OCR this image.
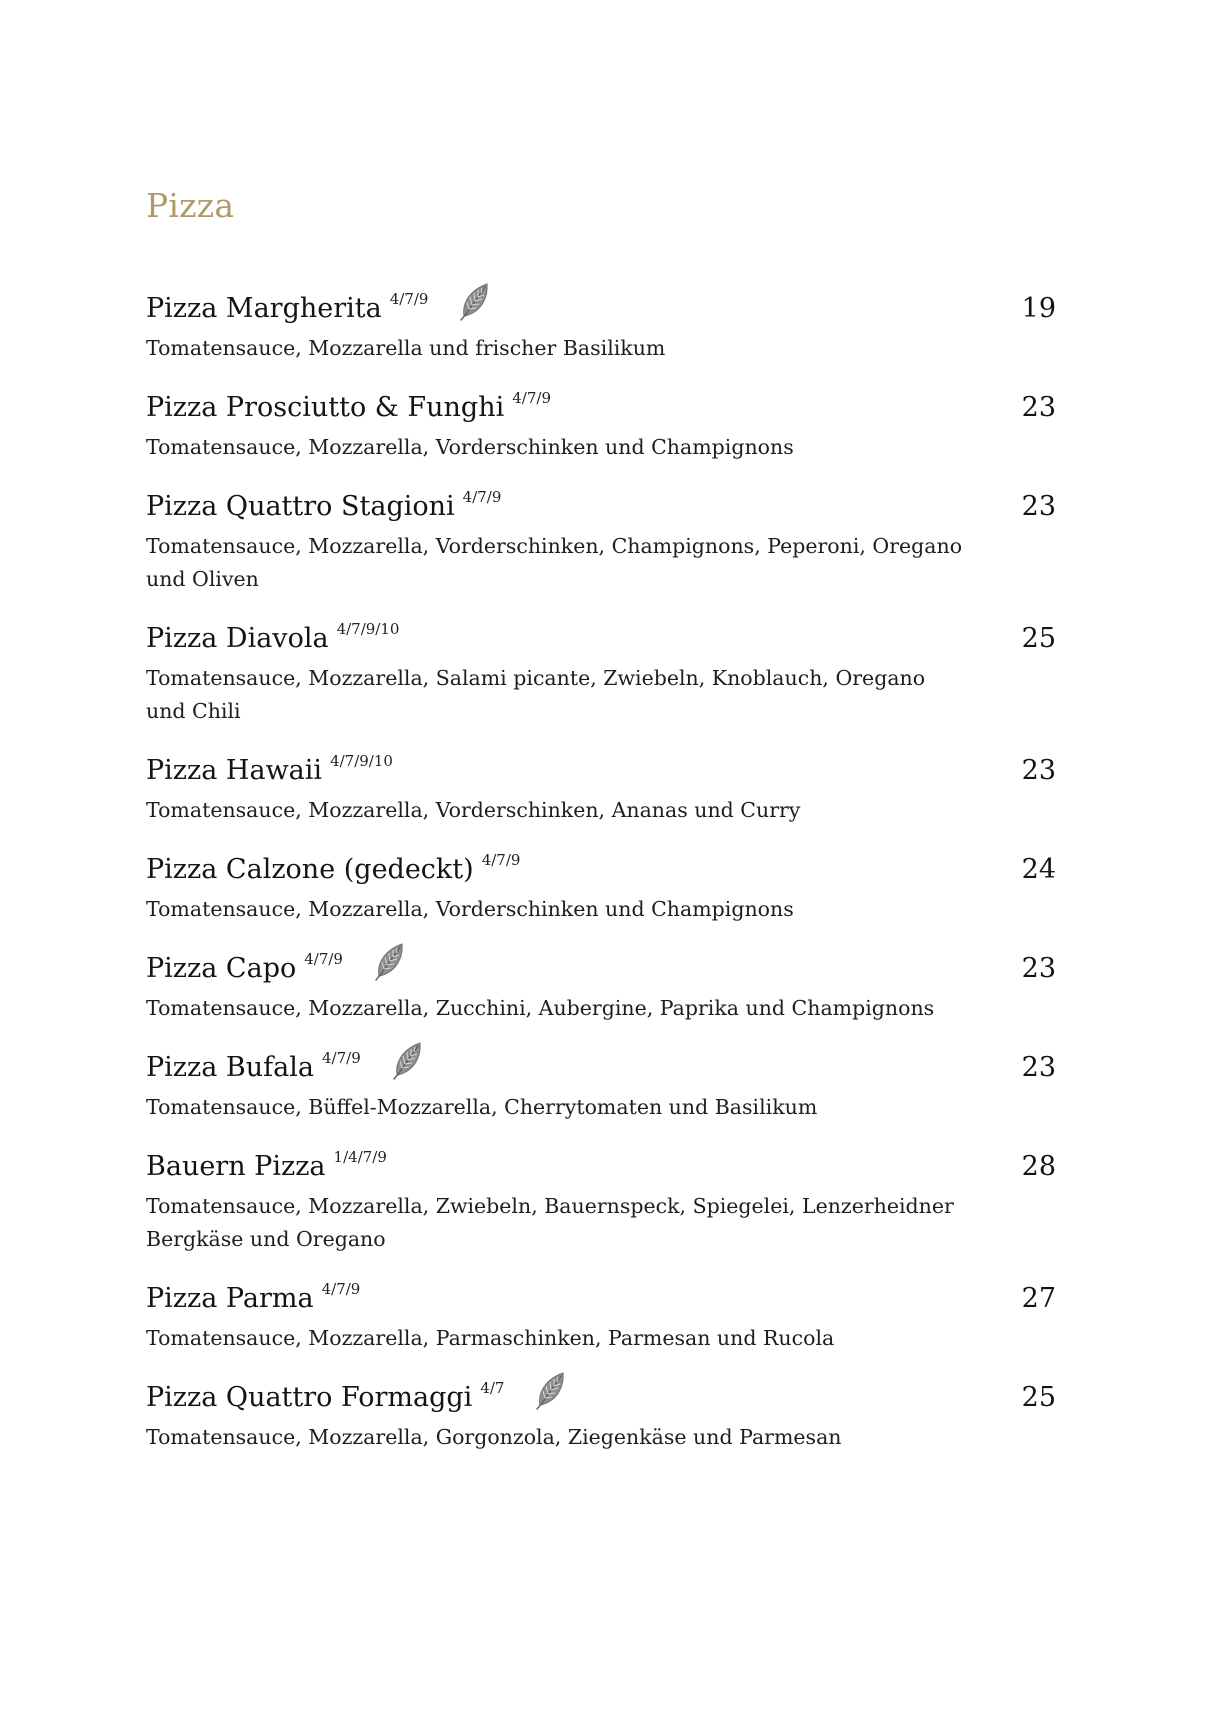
Pizza
Pizza Margherita 4/7/9	19
Tomatensauce, Mozzarella und frischer Basilikum
Pizza Prosciutto & Funghi 4/7/9	23
Tomatensauce, Mozzarella, Vorderschinken und Champignons
Pizza Quattro Stagioni 4/7/9	23
Tomatensauce, Mozzarella, Vorderschinken, Champignons, Peperoni, Oregano und Oliven
Pizza Diavola 4/7/9/10	25
Tomatensauce, Mozzarella, Salami picante, Zwiebeln, Knoblauch, Oregano und Chili
Pizza Hawaii 4/7/9/10	23
Tomatensauce, Mozzarella, Vorderschinken, Ananas und Curry
Pizza Calzone (gedeckt) 4/7/9	24
Tomatensauce, Mozzarella, Vorderschinken und Champignons
Pizza Capo 4/7/9	23
Tomatensauce, Mozzarella, Zucchini, Aubergine, Paprika und Champignons
Pizza Bufala 4/7/9	23
Tomatensauce, Büffel-Mozzarella, Cherrytomaten und Basilikum
Bauern Pizza 1/4/7/9	28
Tomatensauce, Mozzarella, Zwiebeln, Bauernspeck, Spiegelei, Lenzerheidner Bergkäse und Oregano
Pizza Parma 4/7/9	27
Tomatensauce, Mozzarella, Parmaschinken, Parmesan und Rucola
Pizza Quattro Formaggi 4/7	25
Tomatensauce, Mozzarella, Gorgonzola, Ziegenkäse und Parmesan
